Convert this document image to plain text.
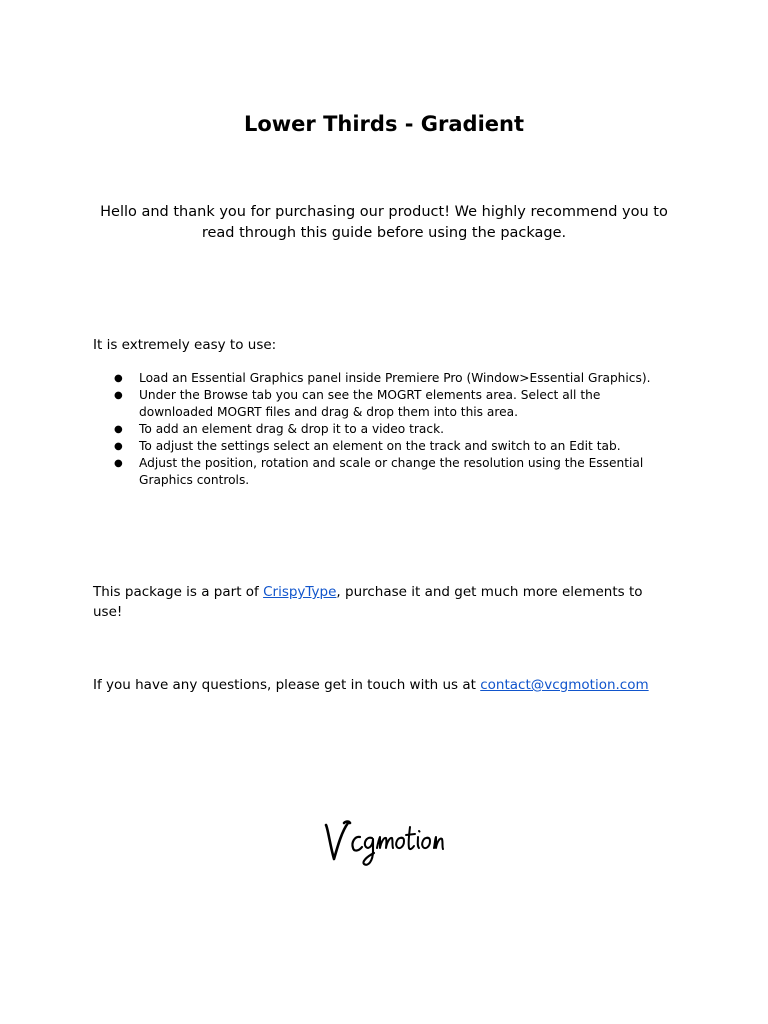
Lower Thirds - Gradient

Hello and thank you for purchasing our product! We highly recommend you to read through this guide before using the package.

It is extremely easy to use:

● Load an Essential Graphics panel inside Premiere Pro (Window>Essential Graphics).
● Under the Browse tab you can see the MOGRT elements area. Select all the downloaded MOGRT files and drag & drop them into this area.
● To add an element drag & drop it to a video track.
● To adjust the settings select an element on the track and switch to an Edit tab.
● Adjust the position, rotation and scale or change the resolution using the Essential Graphics controls.

This package is a part of CrispyType, purchase it and get much more elements to use!

If you have any questions, please get in touch with us at contact@vcgmotion.com
